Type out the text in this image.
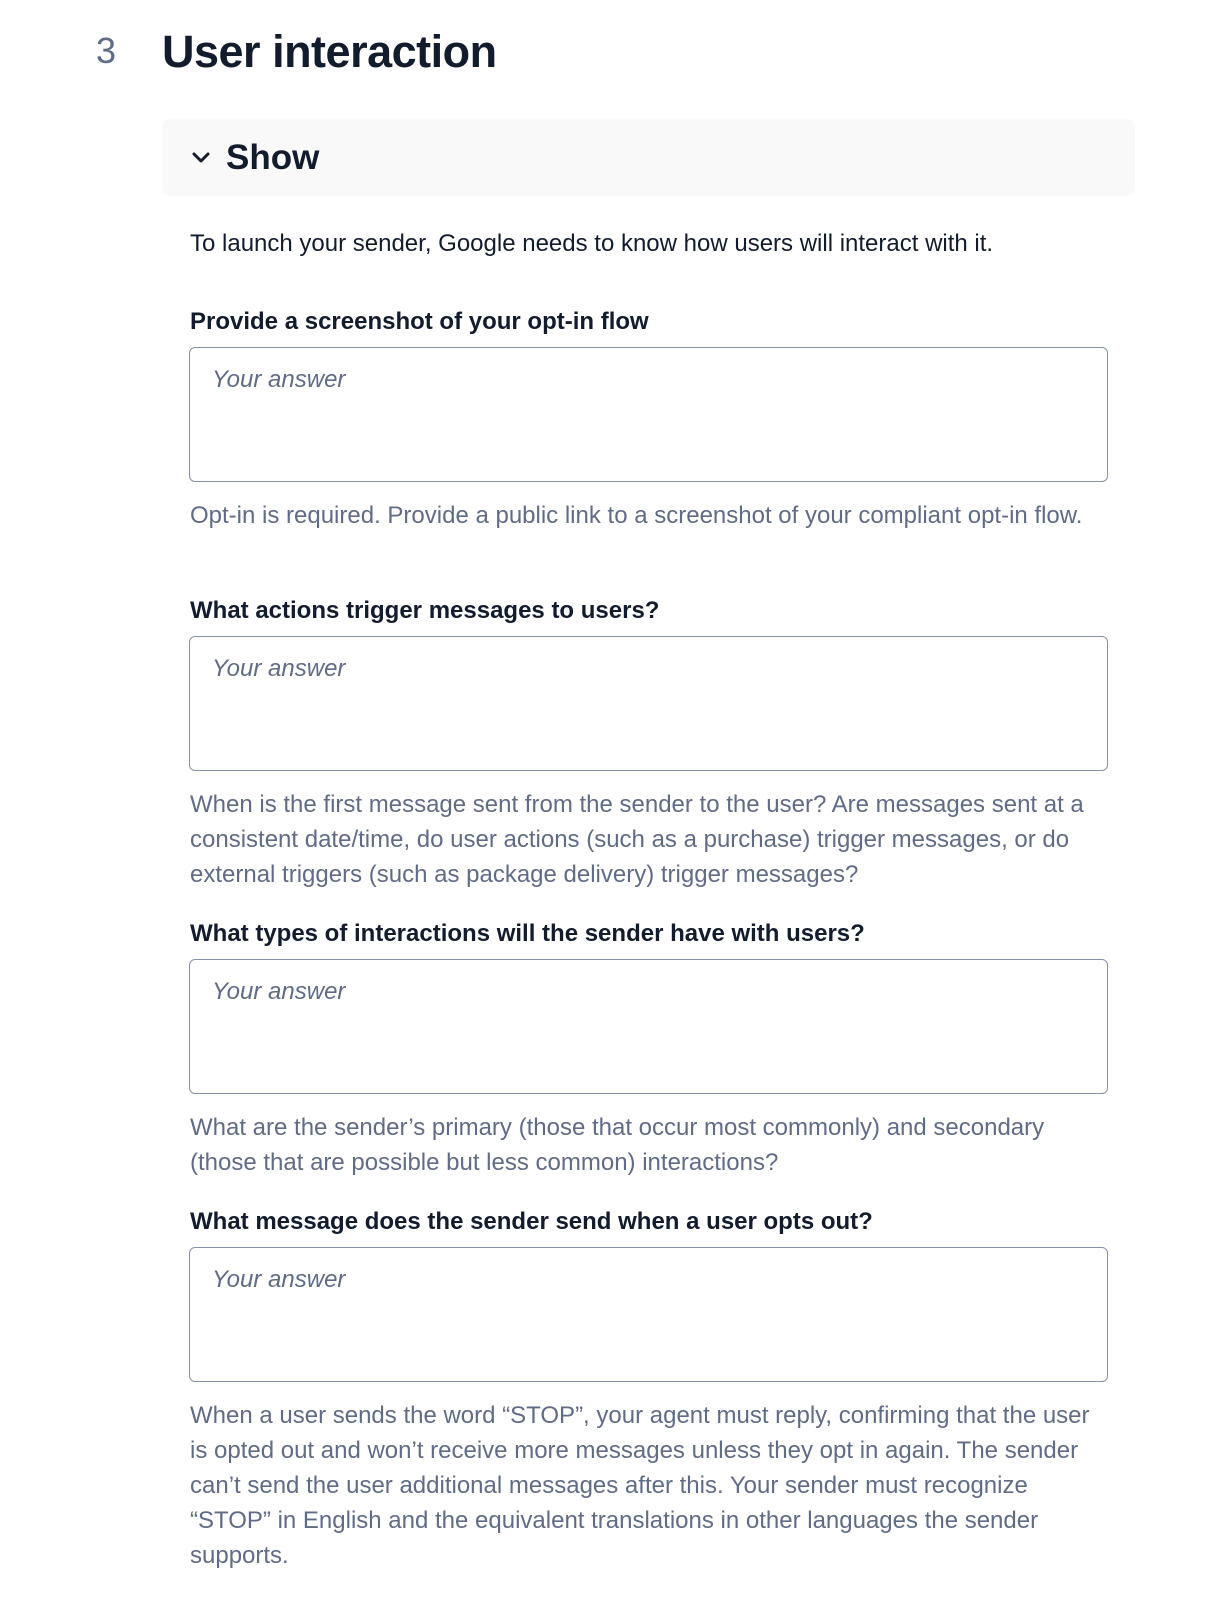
3 User interaction
Show

To launch your sender, Google needs to know how users will interact with it.

Provide a screenshot of your opt-in flow
Your answer

Opt-in is required. Provide a public link to a screenshot of your compliant opt-in flow.

What actions trigger messages to users?
Your answer

When is the first message sent from the sender to the user? Are messages sent at a consistent date/time, do user actions (such as a purchase) trigger messages, or do external triggers (such as package delivery) trigger messages?

What types of interactions will the sender have with users?
Your answer

What are the sender’s primary (those that occur most commonly) and secondary (those that are possible but less common) interactions?

What message does the sender send when a user opts out?
Your answer

When a user sends the word “STOP”, your agent must reply, confirming that the user is opted out and won’t receive more messages unless they opt in again. The sender can’t send the user additional messages after this. Your sender must recognize “STOP” in English and the equivalent translations in other languages the sender supports.
